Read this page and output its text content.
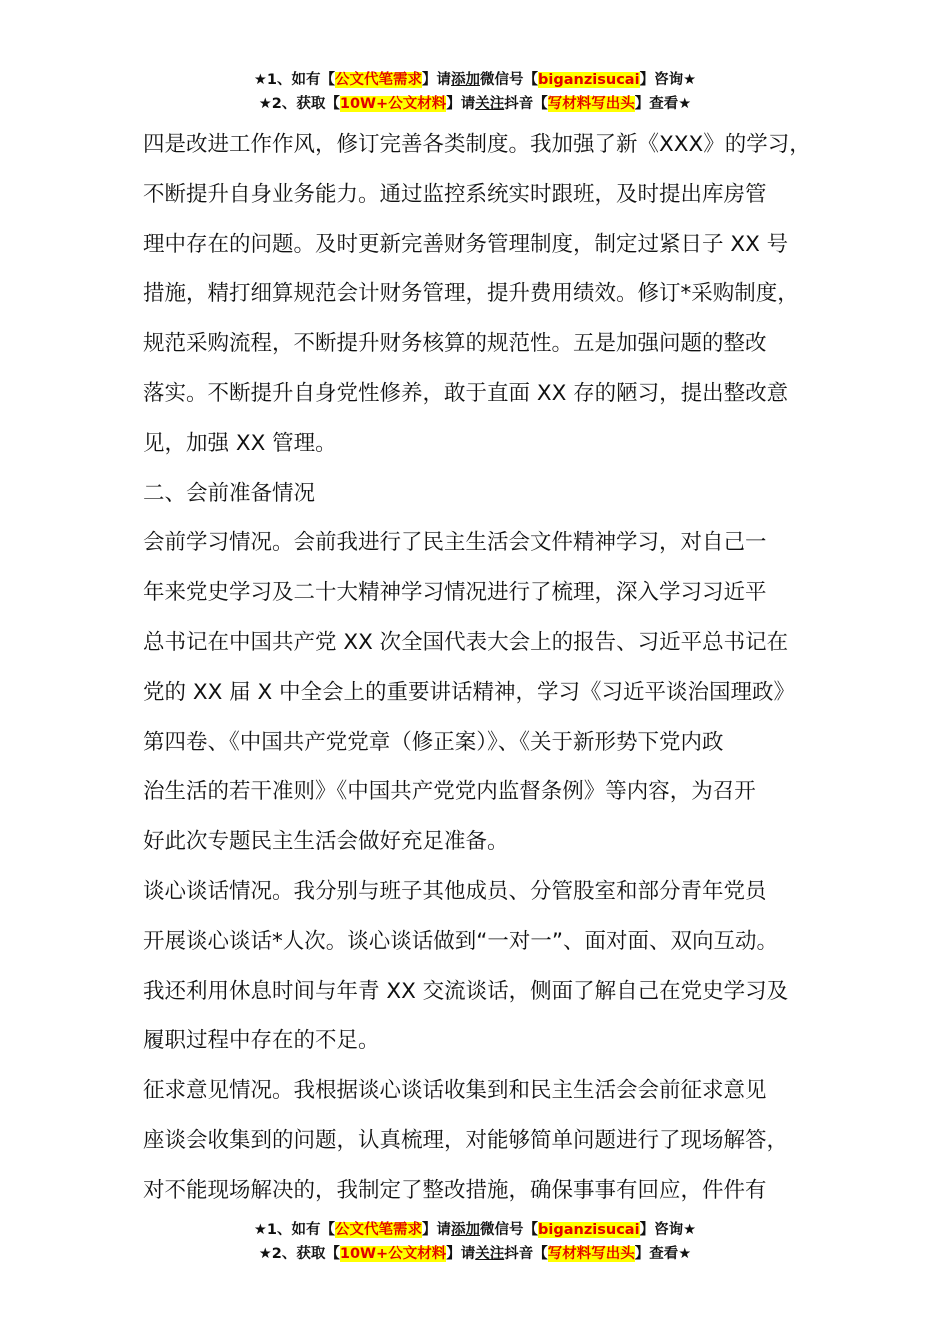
★1、如有【公文代笔需求】请添加微信号【biganzisucai】咨询★
★2、获取【10W+公文材料】请关注抖音【写材料写出头】查看★

四是改进工作作风，修订完善各类制度。我加强了新《XXX》的学习，

不断提升自身业务能力。通过监控系统实时跟班，及时提出库房管

理中存在的问题。及时更新完善财务管理制度，制定过紧日子 XX 号

措施，精打细算规范会计财务管理，提升费用绩效。修订*采购制度，

规范采购流程，不断提升财务核算的规范性。五是加强问题的整改

落实。不断提升自身党性修养，敢于直面 XX 存的陋习，提出整改意

见，加强 XX 管理。

二、会前准备情况

会前学习情况。会前我进行了民主生活会文件精神学习，对自己一

年来党史学习及二十大精神学习情况进行了梳理，深入学习习近平

总书记在中国共产党 XX 次全国代表大会上的报告、习近平总书记在

党的 XX 届 X 中全会上的重要讲话精神，学习《习近平谈治国理政》

第四卷、《中国共产党党章（修正案）》、《关于新形势下党内政

治生活的若干准则》《中国共产党党内监督条例》等内容，为召开

好此次专题民主生活会做好充足准备。

谈心谈话情况。我分别与班子其他成员、分管股室和部分青年党员

开展谈心谈话*人次。谈心谈话做到“一对一”、面对面、双向互动。

我还利用休息时间与年青 XX 交流谈话，侧面了解自己在党史学习及

履职过程中存在的不足。

征求意见情况。我根据谈心谈话收集到和民主生活会会前征求意见

座谈会收集到的问题，认真梳理，对能够简单问题进行了现场解答，

对不能现场解决的，我制定了整改措施，确保事事有回应，件件有

★1、如有【公文代笔需求】请添加微信号【biganzisucai】咨询★
★2、获取【10W+公文材料】请关注抖音【写材料写出头】查看★
